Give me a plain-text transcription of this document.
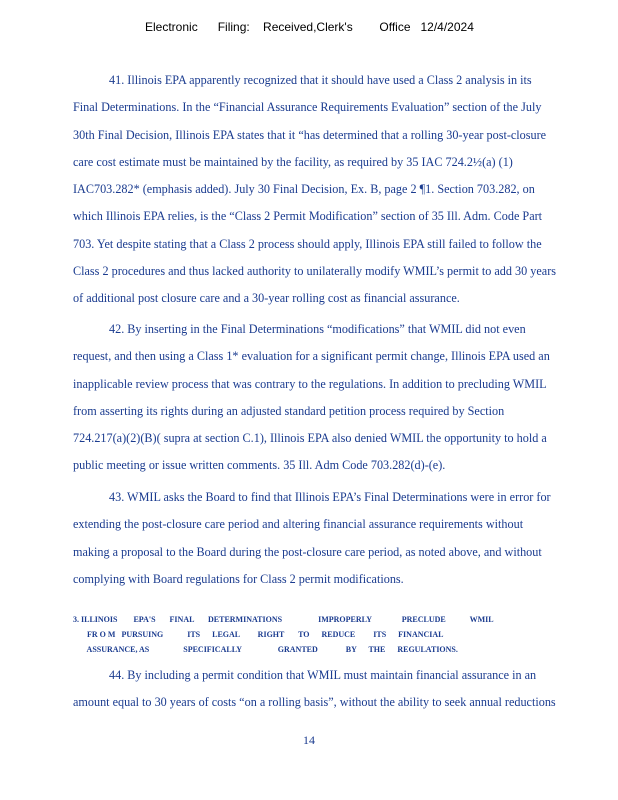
Electronic      Filing:    Received,Clerk's        Office   12/4/2024
41. Illinois EPA apparently recognized that it should have used a Class 2 analysis in its
Final Determinations. In the “Financial Assurance Requirements Evaluation” section of the July
30th Final Decision, Illinois EPA states that it “has determined that a rolling 30-year post-closure
care cost estimate must be maintained by the facility, as required by 35 IAC 724.2½(a) (1)
IAC703.282* (emphasis added). July 30 Final Decision, Ex. B, page 2 ¶1. Section 703.282, on
which Illinois EPA relies, is the “Class 2 Permit Modification” section of 35 Ill. Adm. Code Part
703. Yet despite stating that a Class 2 process should apply, Illinois EPA still failed to follow the
Class 2 procedures and thus lacked authority to unilaterally modify WMIL’s permit to add 30 years
of additional post closure care and a 30-year rolling cost as financial assurance.
42. By inserting in the Final Determinations “modifications” that WMIL did not even
request, and then using a Class 1* evaluation for a significant permit change, Illinois EPA used an
inapplicable review process that was contrary to the regulations. In addition to precluding WMIL
from asserting its rights during an adjusted standard petition process required by Section
724.217(a)(2)(B)( supra at section C.1), Illinois EPA also denied WMIL the opportunity to hold a
public meeting or issue written comments. 35 Ill. Adm Code 703.282(d)-(e).
43. WMIL asks the Board to find that Illinois EPA’s Final Determinations were in error for
extending the post-closure care period and altering financial assurance requirements without
making a proposal to the Board during the post-closure care period, as noted above, and without
complying with Board regulations for Class 2 permit modifications.
3. ILLINOIS        EPA'S       FINAL       DETERMINATIONS                  IMPROPERLY               PRECLUDE            WMIL
FR O M   PURSUING            ITS      LEGAL         RIGHT       TO      REDUCE         ITS      FINANCIAL
ASSURANCE, AS                 SPECIFICALLY                  GRANTED              BY      THE      REGULATIONS.
44. By including a permit condition that WMIL must maintain financial assurance in an
amount equal to 30 years of costs “on a rolling basis”, without the ability to seek annual reductions
14
